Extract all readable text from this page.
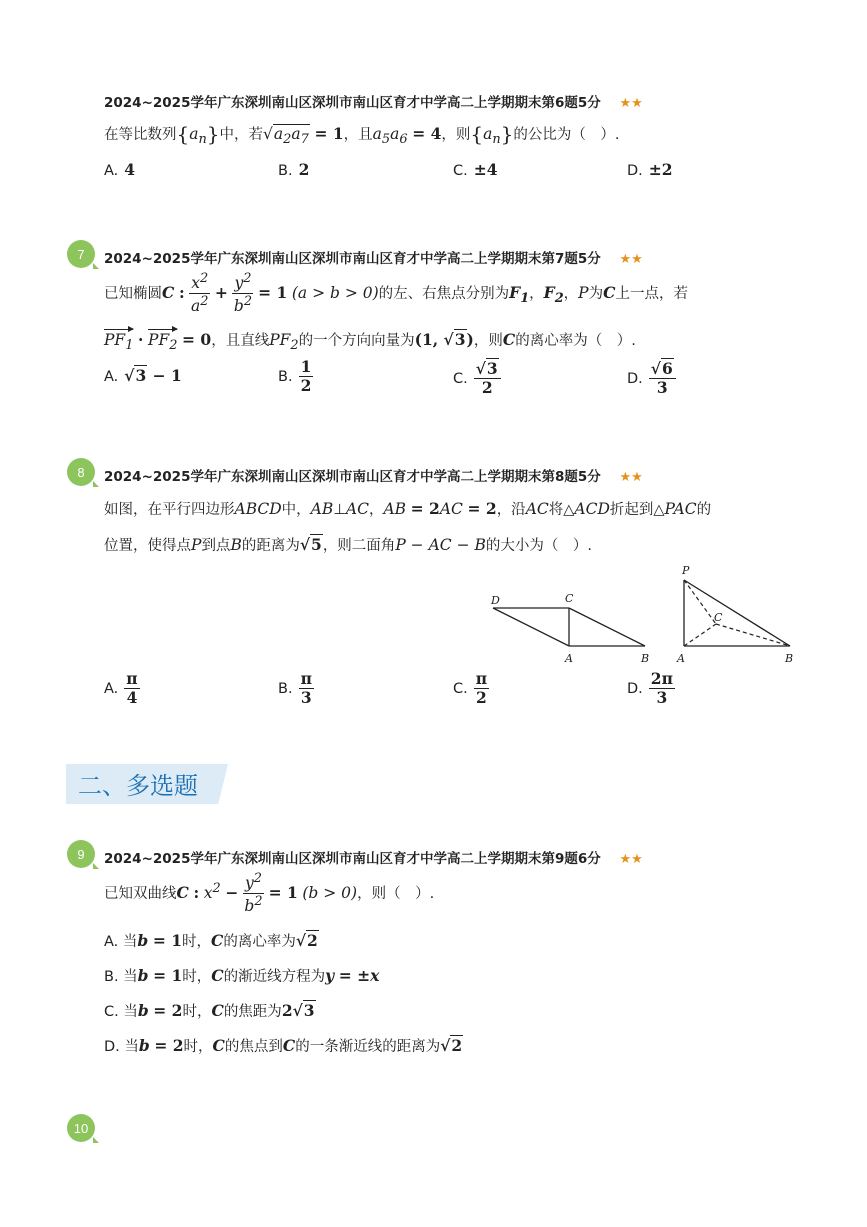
2024~2025学年广东深圳南山区深圳市南山区育才中学高二上学期期末第6题5分 ★★
在等比数列$\{a_n\}$中，若$√a_2a_7 = 1$，且$a_5a_6 = 4$，则$\{a_n\}$的公比为（　）.
A. 4	B. 2	C. ±4	D. ±2
7 2024~2025学年广东深圳南山区深圳市南山区育才中学高二上学期期末第7题5分 ★★
已知椭圆C : $\frac{x^2}{a^2} + \frac{y^2}{b^2} = 1$ (a > b > 0)的左、右焦点分别为$F_1$，$F_2$，P为C上一点，若
$PF_1 \cdot PF_2 = 0$，且直线$PF_2$的一个方向向量为(1, √3)，则C的离心率为（　）.
A. √3 − 1	B. $\frac{1}{2}$	C. $\frac{√3}{2}$	D. $\frac{√6}{3}$
8 2024~2025学年广东深圳南山区深圳市南山区育才中学高二上学期期末第8题5分 ★★
如图，在平行四边形ABCD中，AB⊥AC，AB = 2AC = 2，沿AC将△ACD折起到△PAC的
位置，使得点P到点B的距离为√5，则二面角P − AC − B的大小为（　）.
D	C
A	B
P
C
A	B
A. $\frac{\pi}{4}$	B. $\frac{\pi}{3}$	C. $\frac{\pi}{2}$	D. $\frac{2\pi}{3}$
二、多选题
9 2024~2025学年广东深圳南山区深圳市南山区育才中学高二上学期期末第9题6分 ★★
已知双曲线C : $x^2 - \frac{y^2}{b^2} = 1$ (b > 0)，则（　）.
A. 当b = 1时，C的离心率为√2
B. 当b = 1时，C的渐近线方程为y = ±x
C. 当b = 2时，C的焦距为2√3
D. 当b = 2时，C的焦点到C的一条渐近线的距离为√2
10
